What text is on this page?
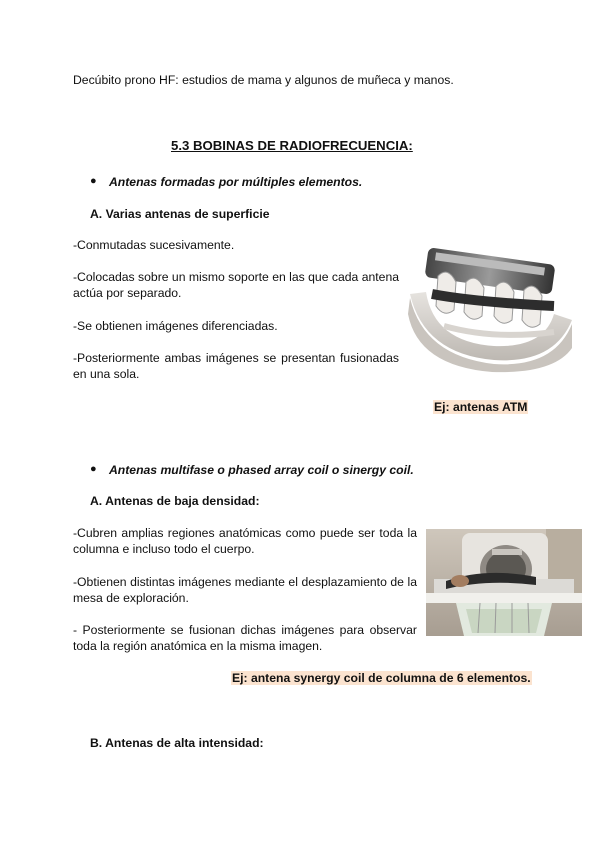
Decúbito prono HF: estudios de mama y algunos de muñeca y manos.
5.3 BOBINAS DE RADIOFRECUENCIA:
● Antenas formadas por múltiples elementos.
A. Varias antenas de superficie
-Conmutadas sucesivamente.
-Colocadas sobre un mismo soporte en las que cada antena actúa por separado.
-Se obtienen imágenes diferenciadas.
-Posteriormente ambas imágenes se presentan fusionadas en una sola.
Ej: antenas ATM
● Antenas multifase o phased array coil o sinergy coil.
A. Antenas de baja densidad:
-Cubren amplias regiones anatómicas como puede ser toda la columna e incluso todo el cuerpo.
-Obtienen distintas imágenes mediante el desplazamiento de la mesa de exploración.
- Posteriormente se fusionan dichas imágenes para observar toda la región anatómica en la misma imagen.
Ej: antena synergy coil de columna de 6 elementos.
B. Antenas de alta intensidad:
